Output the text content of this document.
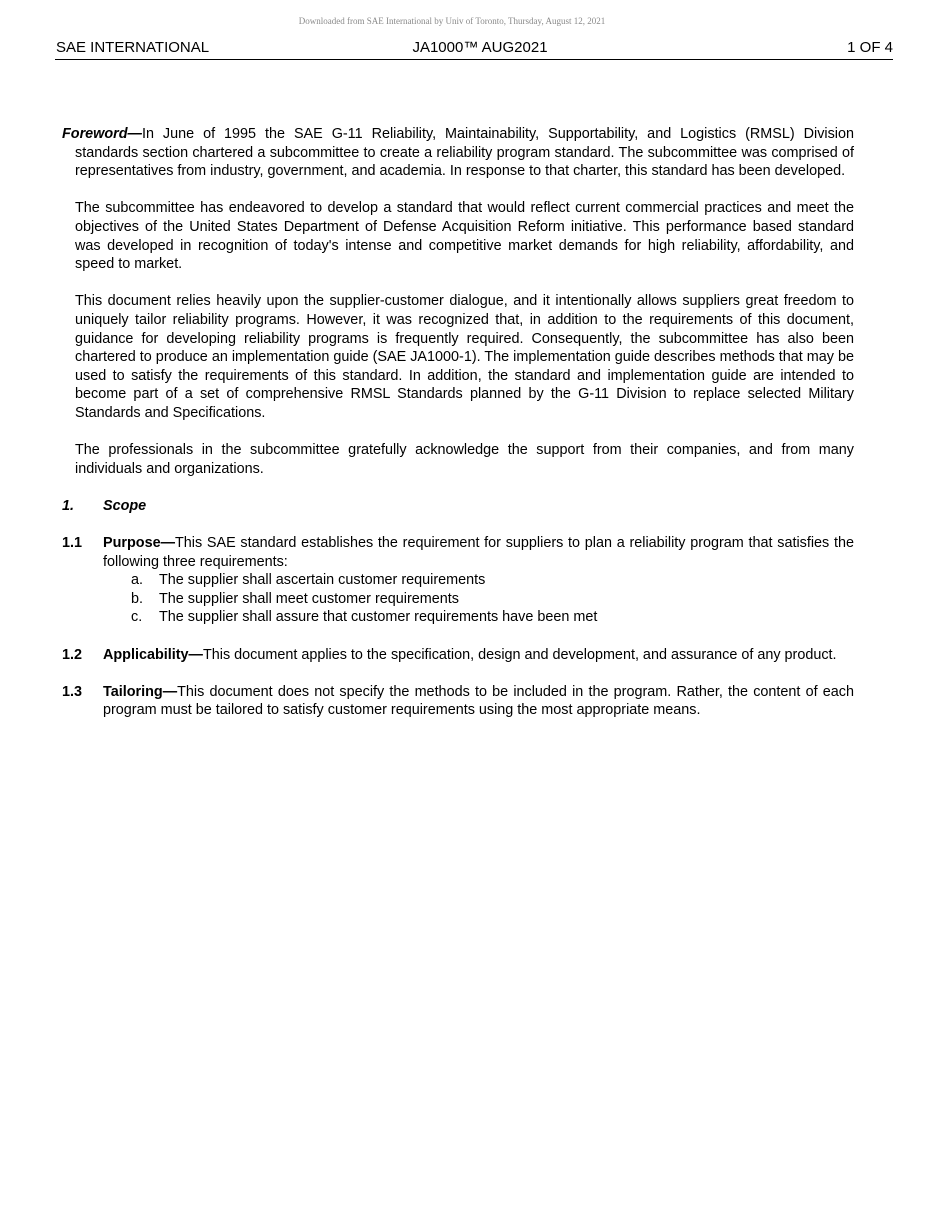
Downloaded from SAE International by Univ of Toronto, Thursday, August 12, 2021
SAE INTERNATIONAL	JA1000™ AUG2021	1 OF 4

Foreword—In June of 1995 the SAE G-11 Reliability, Maintainability, Supportability, and Logistics (RMSL) Division standards section chartered a subcommittee to create a reliability program standard. The subcommittee was comprised of representatives from industry, government, and academia. In response to that charter, this standard has been developed.

The subcommittee has endeavored to develop a standard that would reflect current commercial practices and meet the objectives of the United States Department of Defense Acquisition Reform initiative. This performance based standard was developed in recognition of today's intense and competitive market demands for high reliability, affordability, and speed to market.

This document relies heavily upon the supplier-customer dialogue, and it intentionally allows suppliers great freedom to uniquely tailor reliability programs. However, it was recognized that, in addition to the requirements of this document, guidance for developing reliability programs is frequently required. Consequently, the subcommittee has also been chartered to produce an implementation guide (SAE JA1000-1). The implementation guide describes methods that may be used to satisfy the requirements of this standard. In addition, the standard and implementation guide are intended to become part of a set of comprehensive RMSL Standards planned by the G-11 Division to replace selected Military Standards and Specifications.

The professionals in the subcommittee gratefully acknowledge the support from their companies, and from many individuals and organizations.

1. Scope
1.1 Purpose—This SAE standard establishes the requirement for suppliers to plan a reliability program that satisfies the following three requirements:
a. The supplier shall ascertain customer requirements
b. The supplier shall meet customer requirements
c. The supplier shall assure that customer requirements have been met
1.2 Applicability—This document applies to the specification, design and development, and assurance of any product.
1.3 Tailoring—This document does not specify the methods to be included in the program. Rather, the content of each program must be tailored to satisfy customer requirements using the most appropriate means.
